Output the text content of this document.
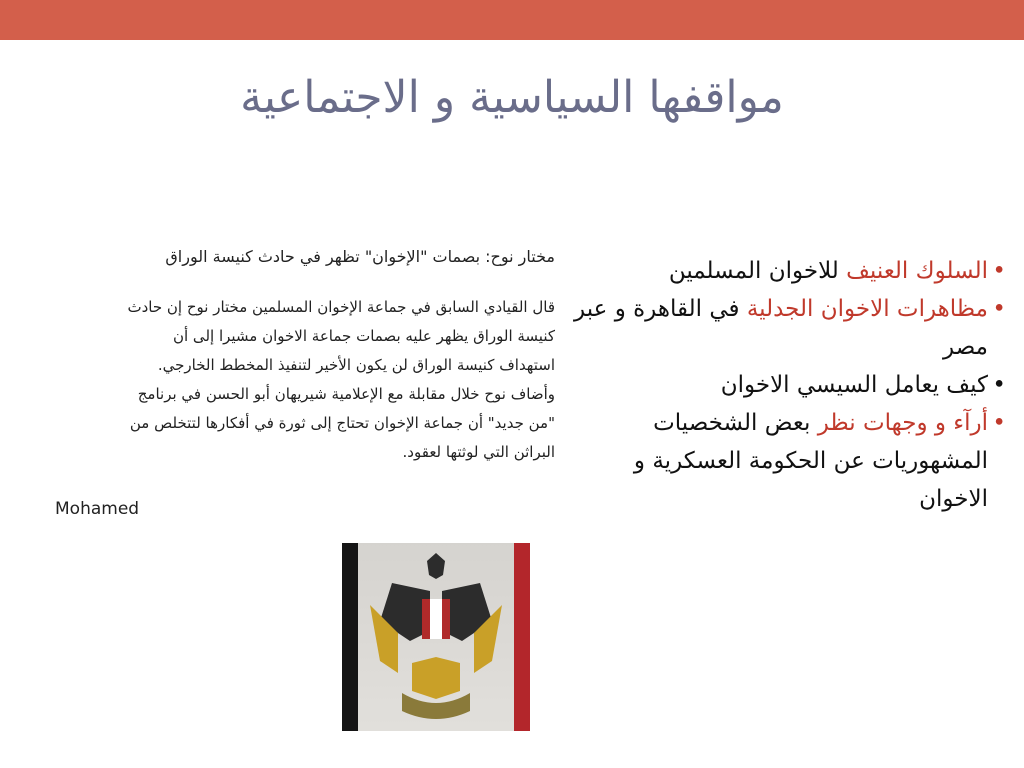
مواقفها السياسية و الاجتماعية

مختار نوح: بصمات "الإخوان" تظهر في حادث كنيسة الوراق

قال القيادي السابق في جماعة الإخوان المسلمين مختار نوح إن حادث
كنيسة الوراق يظهر عليه بصمات جماعة الاخوان مشيرا إلى أن
استهداف كنيسة الوراق لن يكون الأخير لتنفيذ المخطط الخارجي.
وأضاف نوح خلال مقابلة مع الإعلامية شيريهان أبو الحسن في برنامج
"من جديد" أن جماعة الإخوان تحتاج إلى ثورة في أفكارها لتتخلص من
البراثن التي لوثتها لعقود.
Mohamed
•
السلوك العنيف للاخوان المسلمين
•
مظاهرات الاخوان الجدلية في القاهرة و عبر مصر
•
كيف يعامل السيسي الاخوان
•
أرآء و وجهات نظر بعض الشخصيات المشهوريات عن الحكومة العسكرية و الاخوان
